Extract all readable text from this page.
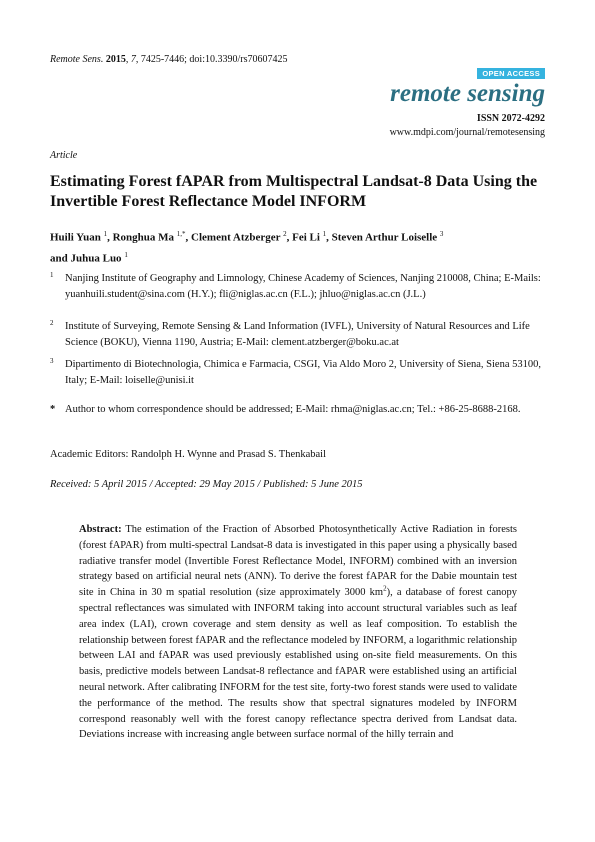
Remote Sens. 2015, 7, 7425-7446; doi:10.3390/rs70607425
OPEN ACCESS
remote sensing
ISSN 2072-4292
www.mdpi.com/journal/remotesensing
Article
Estimating Forest fAPAR from Multispectral Landsat-8 Data Using the Invertible Forest Reflectance Model INFORM
Huili Yuan $^1$, Ronghua Ma $^{1,*}$, Clement Atzberger $^2$, Fei Li $^1$, Steven Arthur Loiselle $^3$
and Juhua Luo $^1$
1 Nanjing Institute of Geography and Limnology, Chinese Academy of Sciences, Nanjing 210008, China; E-Mails: yuanhuili.student@sina.com (H.Y.); fli@niglas.ac.cn (F.L.); jhluo@niglas.ac.cn (J.L.)
2 Institute of Surveying, Remote Sensing & Land Information (IVFL), University of Natural Resources and Life Science (BOKU), Vienna 1190, Austria; E-Mail: clement.atzberger@boku.ac.at
3 Dipartimento di Biotechnologia, Chimica e Farmacia, CSGI, Via Aldo Moro 2, University of Siena, Siena 53100, Italy; E-Mail: loiselle@unisi.it
* Author to whom correspondence should be addressed; E-Mail: rhma@niglas.ac.cn; Tel.: +86-25-8688-2168.
Academic Editors: Randolph H. Wynne and Prasad S. Thenkabail
Received: 5 April 2015 / Accepted: 29 May 2015 / Published: 5 June 2015
Abstract: The estimation of the Fraction of Absorbed Photosynthetically Active Radiation in forests (forest fAPAR) from multi-spectral Landsat-8 data is investigated in this paper using a physically based radiative transfer model (Invertible Forest Reflectance Model, INFORM) combined with an inversion strategy based on artificial neural nets (ANN). To derive the forest fAPAR for the Dabie mountain test site in China in 30 m spatial resolution (size approximately 3000 $km^2$), a database of forest canopy spectral reflectances was simulated with INFORM taking into account structural variables such as leaf area index (LAI), crown coverage and stem density as well as leaf composition. To establish the relationship between forest fAPAR and the reflectance modeled by INFORM, a logarithmic relationship between LAI and fAPAR was used previously established using on-site field measurements. On this basis, predictive models between Landsat-8 reflectance and fAPAR were established using an artificial neural network. After calibrating INFORM for the test site, forty-two forest stands were used to validate the performance of the method. The results show that spectral signatures modeled by INFORM correspond reasonably well with the forest canopy reflectance spectra derived from Landsat data. Deviations increase with increasing angle between surface normal of the hilly terrain and
